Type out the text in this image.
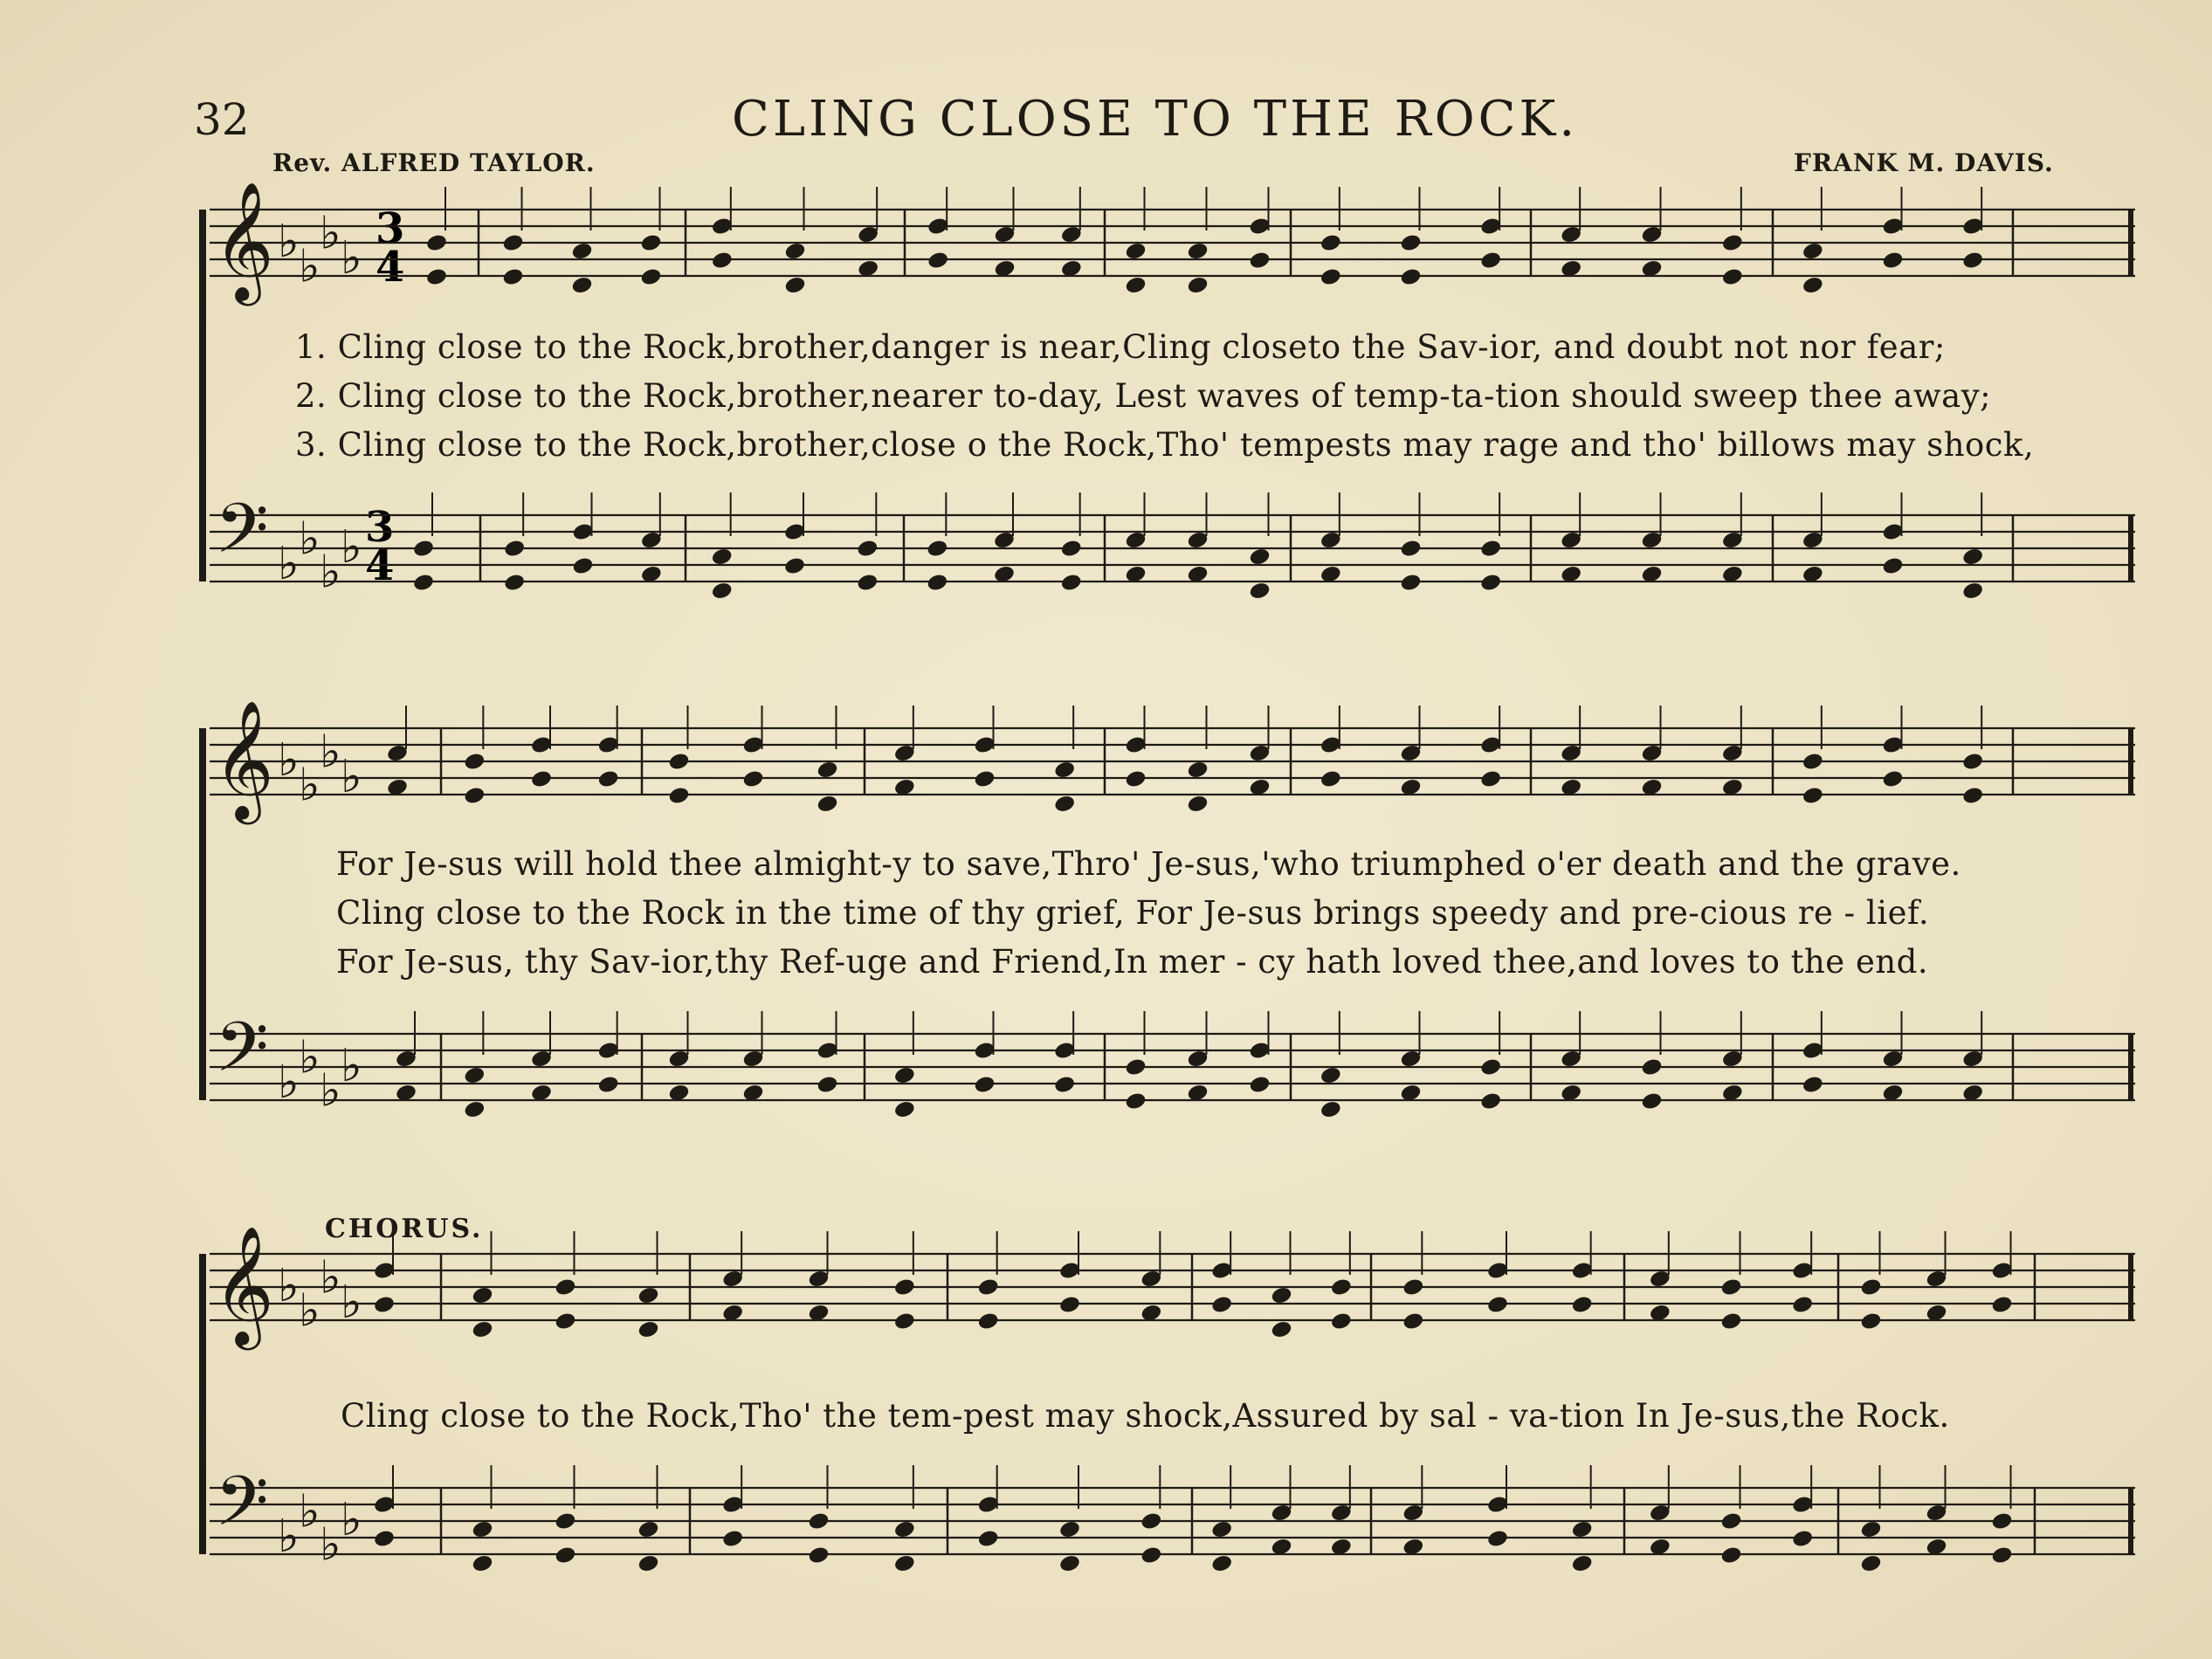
32	CLING CLOSE TO THE ROCK.
Rev. ALFRED TAYLOR.	FRANK M. DAVIS.
3
4
3
4
𝄞 ♭ ♭
♭ ♭
𝄢 ♭ ♭
♭ ♭
𝄞 ♭ ♭
♭ ♭
𝄢 ♭ ♭
♭ ♭
𝄞 ♭ ♭
♭ ♭
𝄢 ♭ ♭
♭ ♭
1. Cling close to the Rock,brother,danger is near,Cling closeto the Sav-ior, and doubt not nor fear;
2. Cling close to the Rock,brother,nearer to-day, Lest waves of temp-ta-tion should sweep thee away;
3. Cling close to the Rock,brother,close o the Rock,Tho' tempests may rage and tho' billows may shock,
For Je-sus will hold thee almight-y to save,Thro' Je-sus,'who triumphed o'er death and the grave.
Cling close to the Rock in the time of thy grief, For Je-sus brings speedy and pre-cious re - lief.
For Je-sus, thy Sav-ior,thy Ref-uge and Friend,In mer - cy hath loved thee,and loves to the end.
CHORUS.
Cling close to the Rock,Tho' the tem-pest may shock,Assured by sal - va-tion In Je-sus,the Rock.
